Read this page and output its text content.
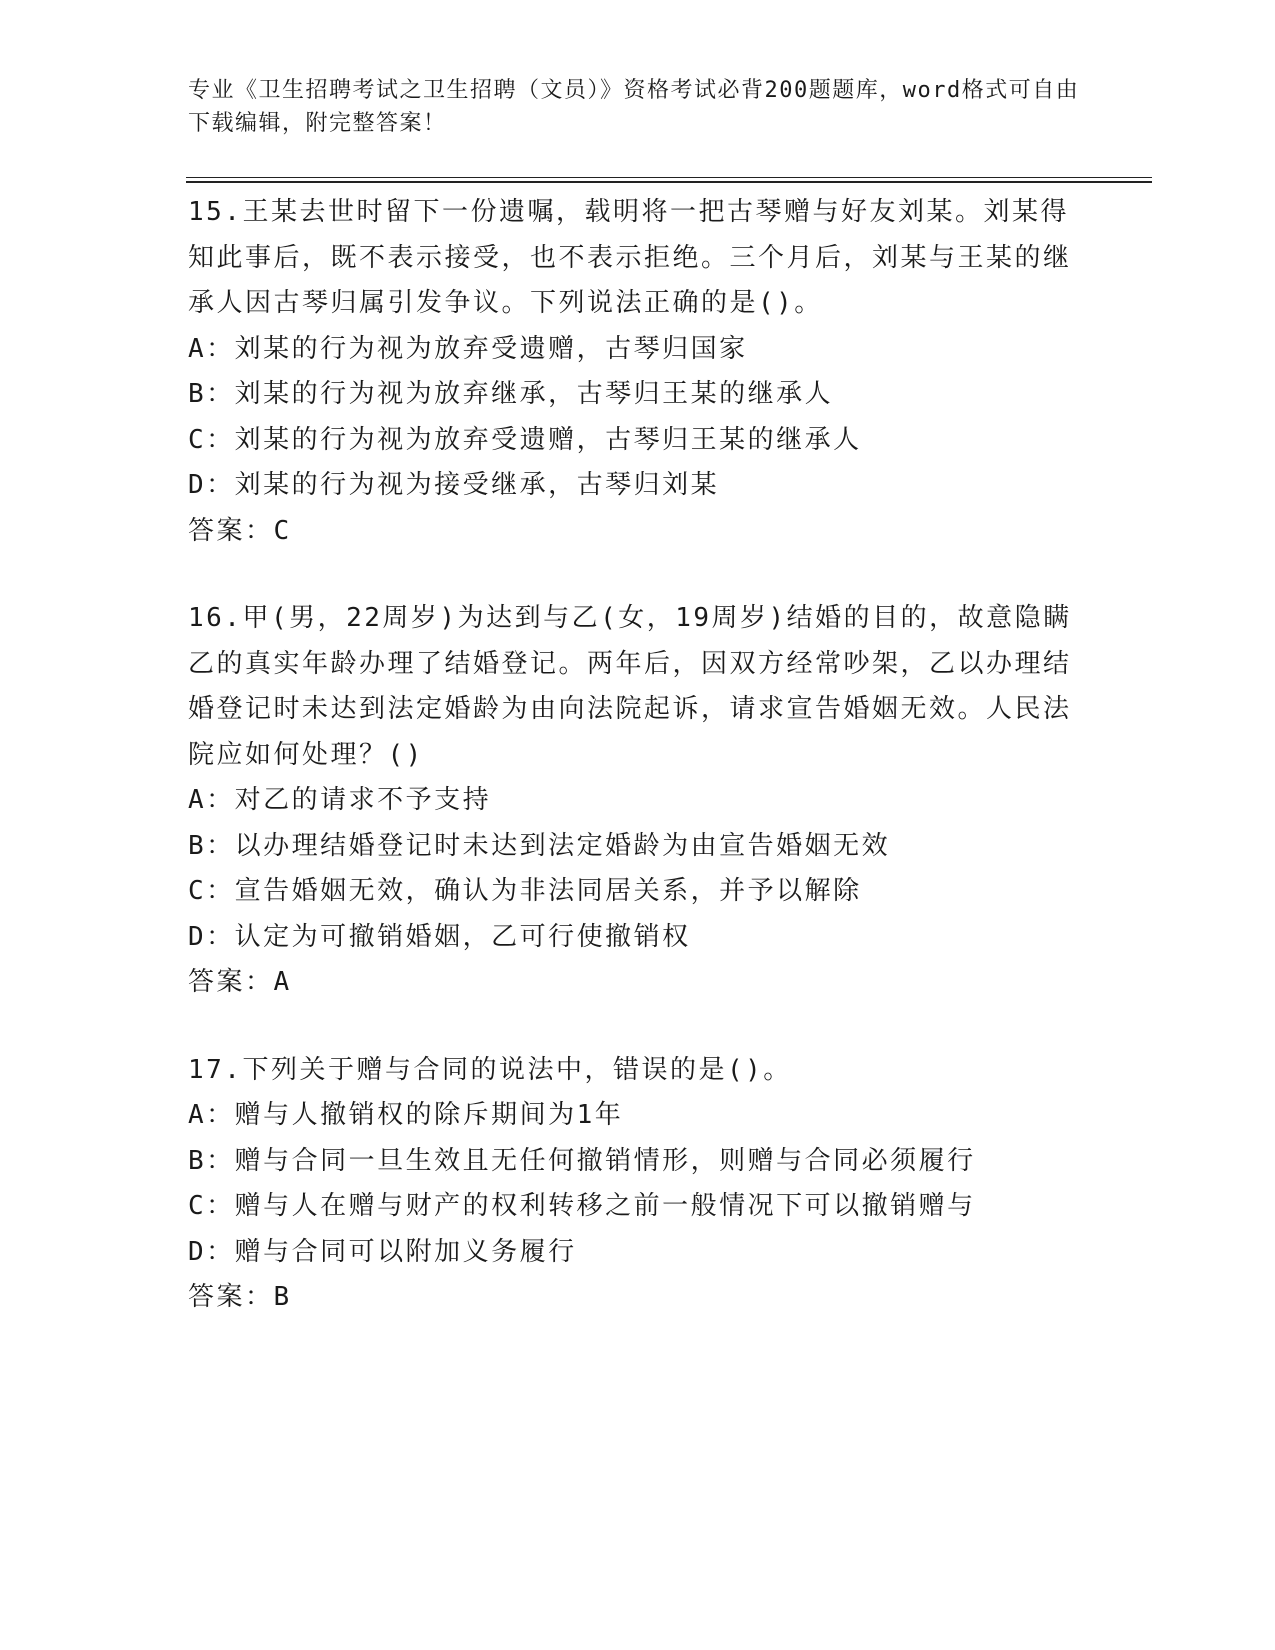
专业《卫生招聘考试之卫生招聘（文员）》资格考试必背200题题库，word格式可自由下载编辑，附完整答案！

15.王某去世时留下一份遗嘱，载明将一把古琴赠与好友刘某。刘某得知此事后，既不表示接受，也不表示拒绝。三个月后，刘某与王某的继承人因古琴归属引发争议。下列说法正确的是()。

A：刘某的行为视为放弃受遗赠，古琴归国家

B：刘某的行为视为放弃继承，古琴归王某的继承人

C：刘某的行为视为放弃受遗赠，古琴归王某的继承人

D：刘某的行为视为接受继承，古琴归刘某

答案：C

16.甲(男，22周岁)为达到与乙(女，19周岁)结婚的目的，故意隐瞒乙的真实年龄办理了结婚登记。两年后，因双方经常吵架，乙以办理结婚登记时未达到法定婚龄为由向法院起诉，请求宣告婚姻无效。人民法院应如何处理？()

A：对乙的请求不予支持

B：以办理结婚登记时未达到法定婚龄为由宣告婚姻无效

C：宣告婚姻无效，确认为非法同居关系，并予以解除

D：认定为可撤销婚姻，乙可行使撤销权

答案：A

17.下列关于赠与合同的说法中，错误的是()。

A：赠与人撤销权的除斥期间为1年

B：赠与合同一旦生效且无任何撤销情形，则赠与合同必须履行

C：赠与人在赠与财产的权利转移之前一般情况下可以撤销赠与

D：赠与合同可以附加义务履行

答案：B
